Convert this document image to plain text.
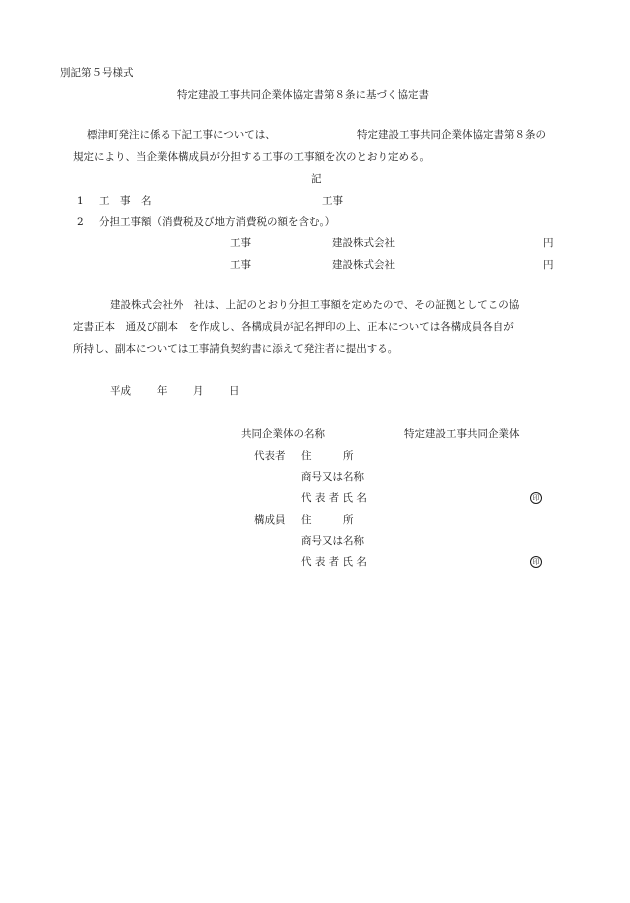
別記第５号様式
特定建設工事共同企業体協定書第８条に基づく協定書
標津町発注に係る下記工事については、	特定建設工事共同企業体協定書第８条の
規定により、当企業体構成員が分担する工事の工事額を次のとおり定める。
記
1 工　事　名	工事
2 分担工事額（消費税及び地方消費税の額を含む。）
工事	建設株式会社	円
工事	建設株式会社	円
建設株式会社外　社は、上記のとおり分担工事額を定めたので、その証拠としてこの協
定書正本　通及び副本　を作成し、各構成員が記名押印の上、正本については各構成員各自が
所持し、副本については工事請負契約書に添えて発注者に提出する。
平成 年 月 日
共同企業体の名称	特定建設工事共同企業体
代表者 住　　　所
商号又は名称
代 表 者 氏 名	印
構成員 住　　　所
商号又は名称
代 表 者 氏 名	印
